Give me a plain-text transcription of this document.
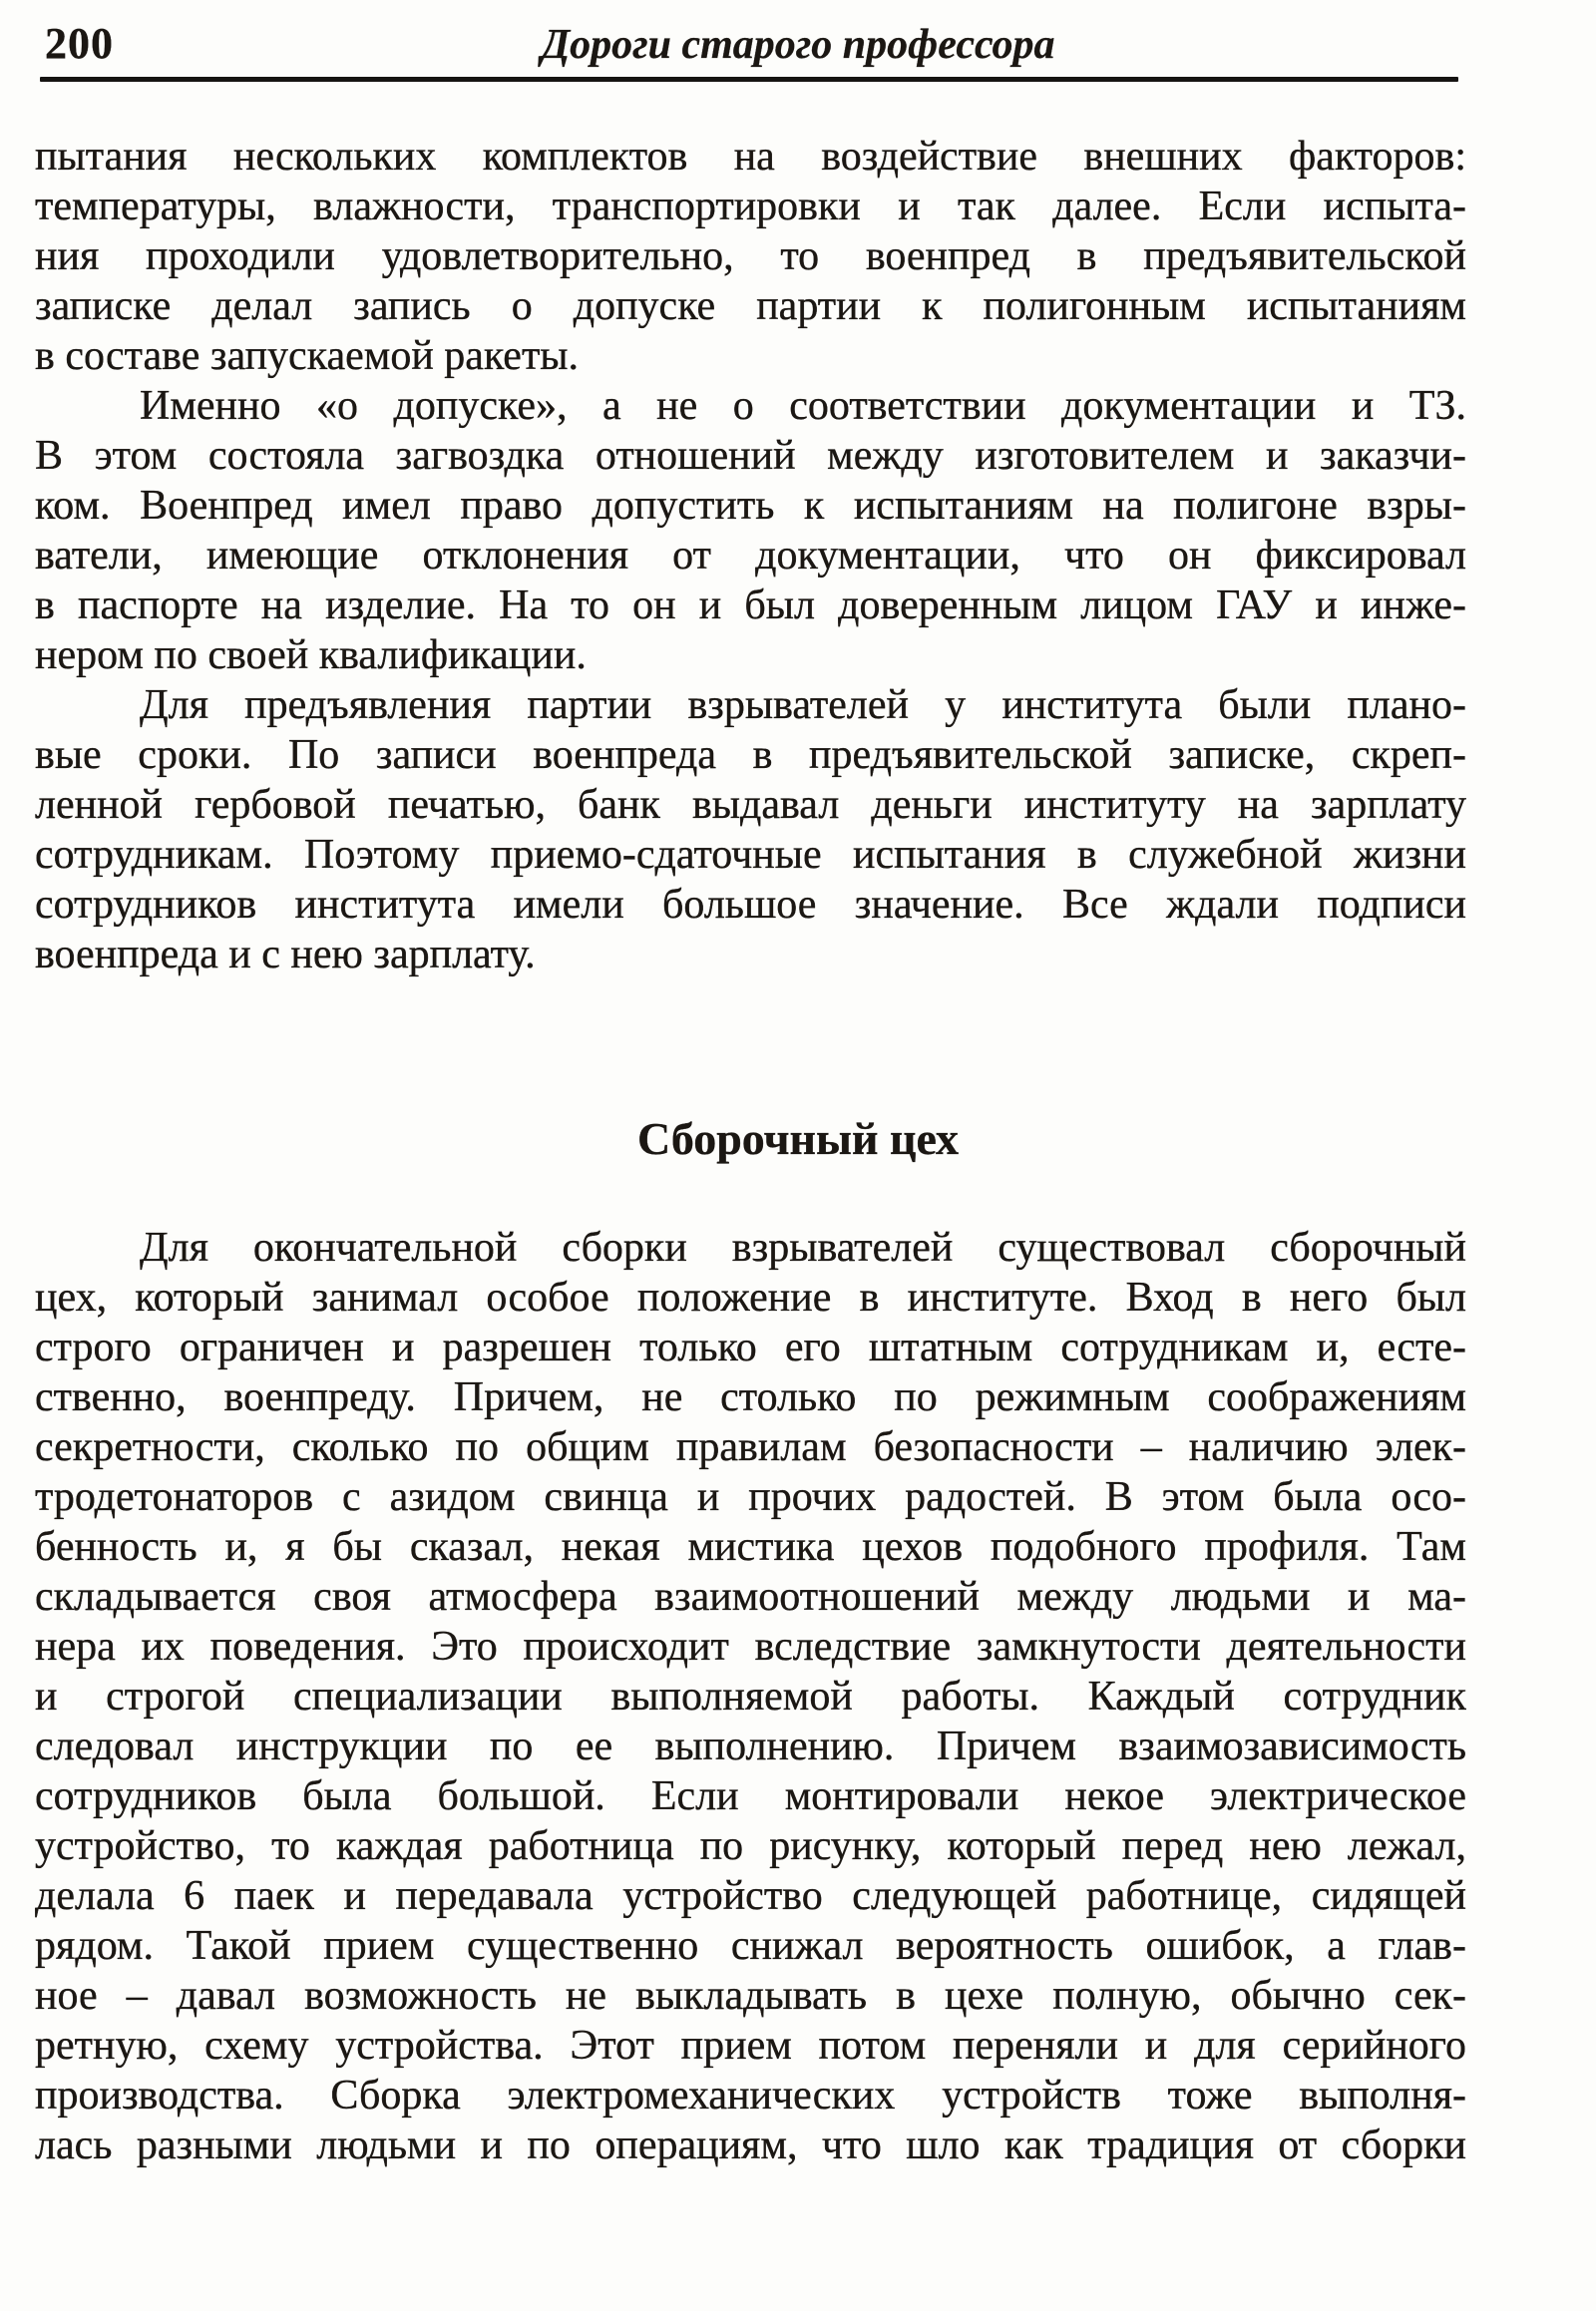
200	Дороги старого профессора
пытания нескольких комплектов на воздействие внешних факторов:
температуры, влажности, транспортировки и так далее. Если испыта-
ния проходили удовлетворительно, то военпред в предъявительской
записке делал запись о допуске партии к полигонным испытаниям
в составе запускаемой ракеты.
Именно «о допуске», а не о соответствии документации и ТЗ.
В этом состояла загвоздка отношений между изготовителем и заказчи-
ком. Военпред имел право допустить к испытаниям на полигоне взры-
ватели, имеющие отклонения от документации, что он фиксировал
в паспорте на изделие. На то он и был доверенным лицом ГАУ и инже-
нером по своей квалификации.
Для предъявления партии взрывателей у института были плано-
вые сроки. По записи военпреда в предъявительской записке, скреп-
ленной гербовой печатью, банк выдавал деньги институту на зарплату
сотрудникам. Поэтому приемо-сдаточные испытания в служебной жизни
сотрудников института имели большое значение. Все ждали подписи
военпреда и с нею зарплату.
Сборочный цех
Для окончательной сборки взрывателей существовал сборочный
цех, который занимал особое положение в институте. Вход в него был
строго ограничен и разрешен только его штатным сотрудникам и, есте-
ственно, военпреду. Причем, не столько по режимным соображениям
секретности, сколько по общим правилам безопасности – наличию элек-
тродетонаторов с азидом свинца и прочих радостей. В этом была осо-
бенность и, я бы сказал, некая мистика цехов подобного профиля. Там
складывается своя атмосфера взаимоотношений между людьми и ма-
нера их поведения. Это происходит вследствие замкнутости деятельности
и строгой специализации выполняемой работы. Каждый сотрудник
следовал инструкции по ее выполнению. Причем взаимозависимость
сотрудников была большой. Если монтировали некое электрическое
устройство, то каждая работница по рисунку, который перед нею лежал,
делала 6 паек и передавала устройство следующей работнице, сидящей
рядом. Такой прием существенно снижал вероятность ошибок, а глав-
ное – давал возможность не выкладывать в цехе полную, обычно сек-
ретную, схему устройства. Этот прием потом переняли и для серийного
производства. Сборка электромеханических устройств тоже выполня-
лась разными людьми и по операциям, что шло как традиция от сборки
